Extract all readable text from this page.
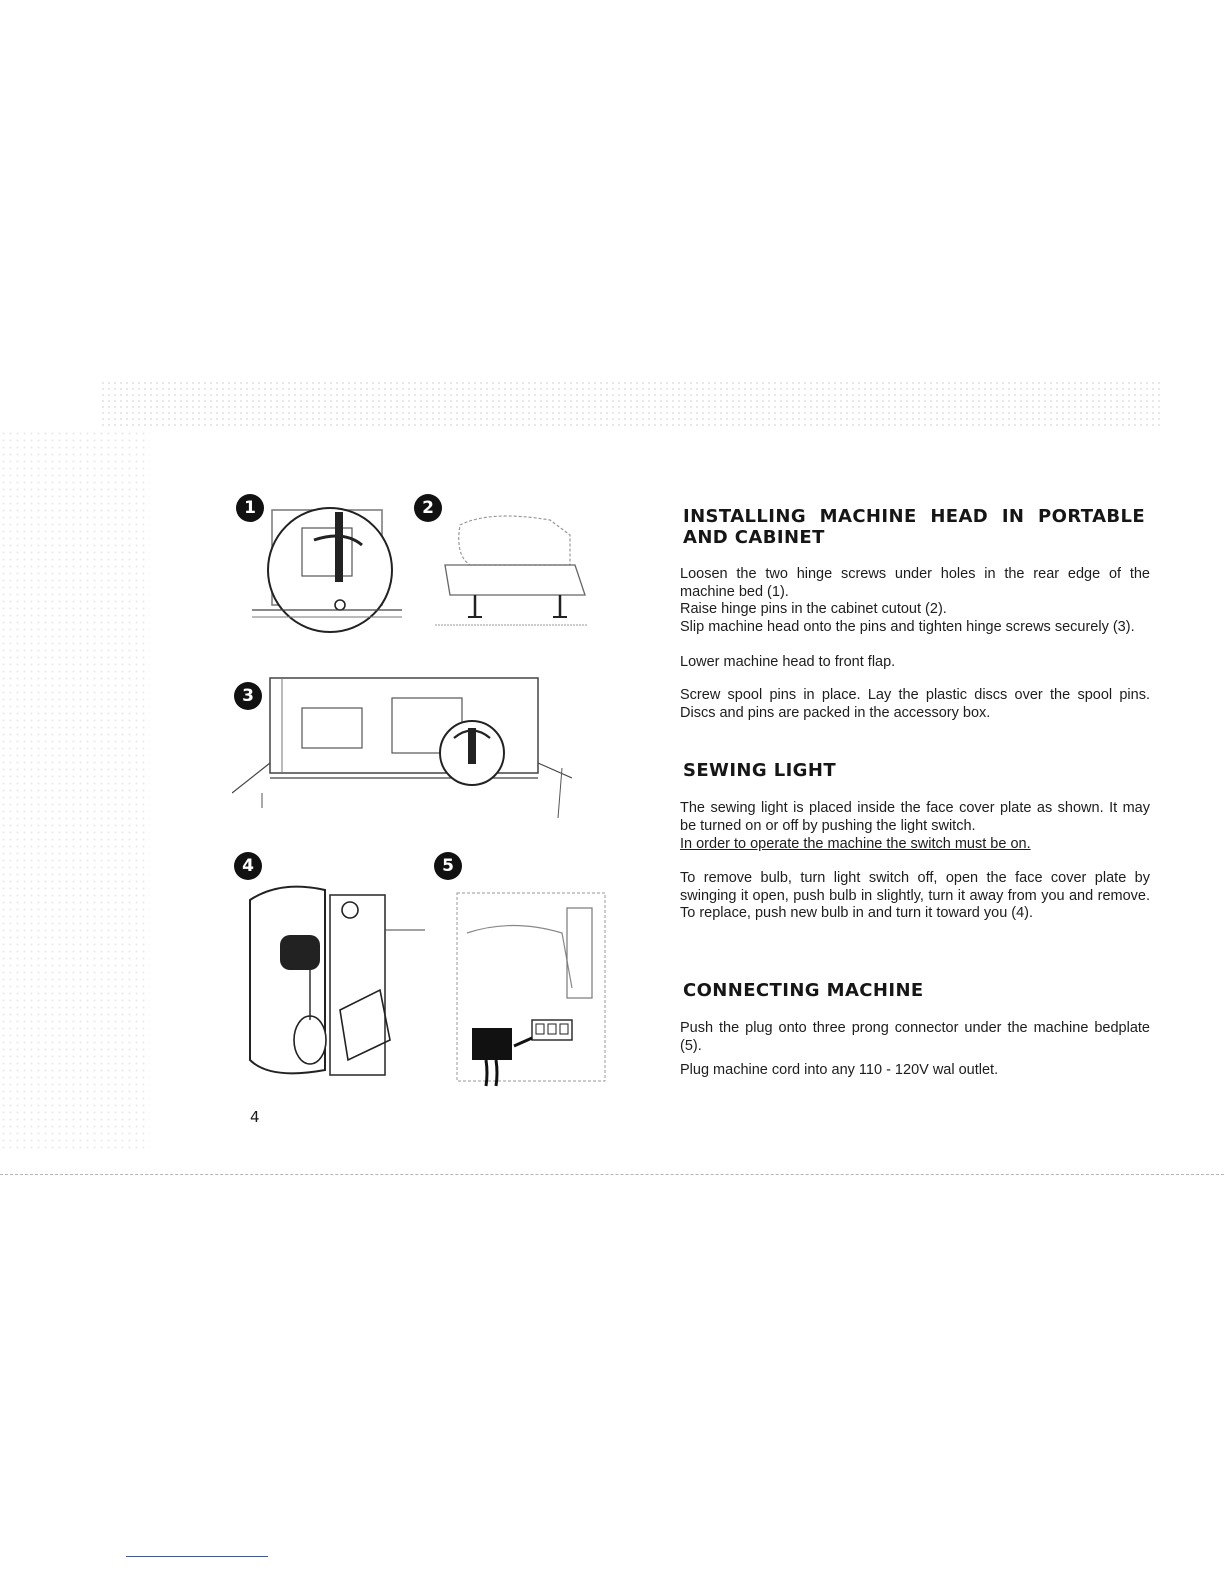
1	2
3
4	5
4
INSTALLING MACHINE HEAD IN PORTABLE
AND CABINET
Loosen the two hinge screws under holes in the rear edge of the machine bed (1).
Raise hinge pins in the cabinet cutout (2).
Slip machine head onto the pins and tighten hinge screws securely (3).
Lower machine head to front flap.
Screw spool pins in place. Lay the plastic discs over the spool pins. Discs and pins are packed in the accessory box.
SEWING LIGHT
The sewing light is placed inside the face cover plate as shown. It may be turned on or off by pushing the light switch.
In order to operate the machine the switch must be on.
To remove bulb, turn light switch off, open the face cover plate by swinging it open, push bulb in slightly, turn it away from you and remove. To replace, push new bulb in and turn it toward you (4).
CONNECTING MACHINE
Push the plug onto three prong connector under the machine bedplate (5).
Plug machine cord into any 110 - 120V wal outlet.
